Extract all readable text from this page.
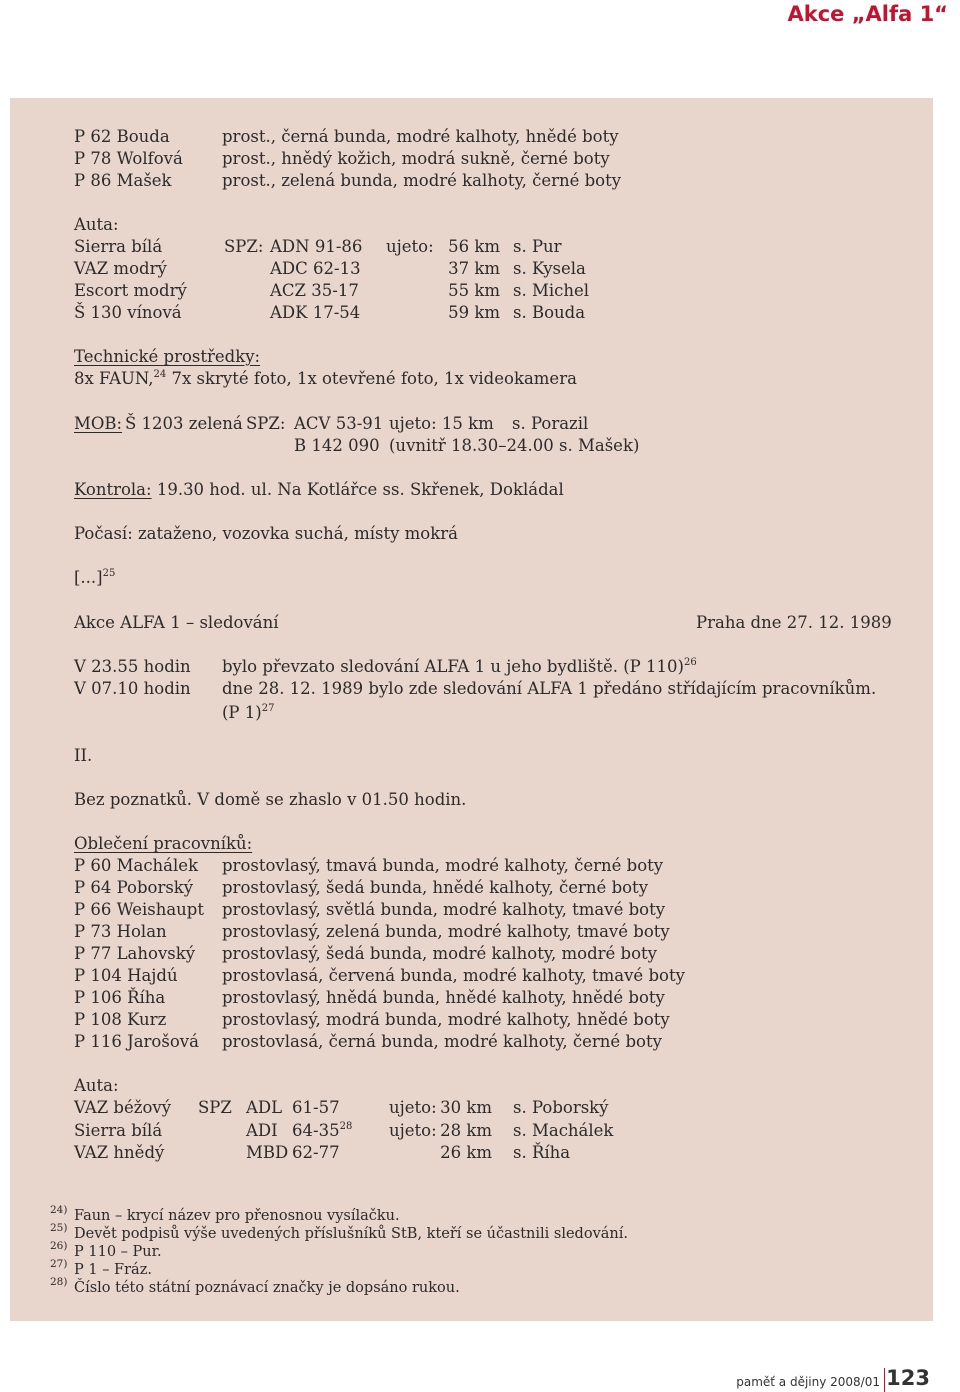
Akce „Alfa 1“
P 62 Bouda	prost., černá bunda, modré kalhoty, hnědé boty
P 78 Wolfová prost., hnědý kožich, modrá sukně, černé boty
P 86 Mašek	prost., zelená bunda, modré kalhoty, černé boty
Auta:
SPZ:	ujeto:
Sierra bílá	ADN 91-86	56 km s. Pur
VAZ modrý	ADC 62-13	37 km s. Kysela
Escort modrý	ACZ 35-17	55 km s. Michel
Š 130 vínová	ADK 17-54	59 km s. Bouda
Technické prostředky:
8x FAUN,$^{24}$ 7x skryté foto, 1x otevřené foto, 1x videokamera
MOB: Š 1203 zelená SPZ: ACV 53-91 ujeto: 15 km s. Porazil
B 142 090 (uvnitř 18.30–24.00 s. Mašek)
Kontrola: 19.30 hod. ul. Na Kotlářce ss. Skřenek, Dokládal
Počasí: zataženo, vozovka suchá, místy mokrá
[...]$^{25}$
Akce ALFA 1 – sledování	Praha dne 27. 12. 1989
V 23.55 hodin bylo převzato sledování ALFA 1 u jeho bydliště. (P 110)$^{26}$
V 07.10 hodin dne 28. 12. 1989 bylo zde sledování ALFA 1 předáno střídajícím pracovníkům.
(P 1)$^{27}$
II.
Bez poznatků. V domě se zhaslo v 01.50 hodin.
Oblečení pracovníků:
P 60 Machálek prostovlasý, tmavá bunda, modré kalhoty, černé boty
P 64 Poborský prostovlasý, šedá bunda, hnědé kalhoty, černé boty
P 66 Weishaupt prostovlasý, světlá bunda, modré kalhoty, tmavé boty
P 73 Holan	prostovlasý, zelená bunda, modré kalhoty, tmavé boty
P 77 Lahovský prostovlasý, šedá bunda, modré kalhoty, modré boty
P 104 Hajdú	prostovlasá, červená bunda, modré kalhoty, tmavé boty
P 106 Říha	prostovlasý, hnědá bunda, hnědé kalhoty, hnědé boty
P 108 Kurz	prostovlasý, modrá bunda, modré kalhoty, hnědé boty
P 116 Jarošová prostovlasá, černá bunda, modré kalhoty, černé boty
Auta:
SPZ
VAZ béžový	ADL 61-57	ujeto: 30 km s. Poborský
Sierra bílá	ADI $64-35^{28}$ ujeto: 28 km s. Machálek
VAZ hnědý	MBD 62-77	26 km s. Říha
24) Faun – krycí název pro přenosnou vysílačku.
25) Devět podpisů výše uvedených příslušníků StB, kteří se účastnili sledování.
26) P 110 – Pur.
27) P 1 – Fráz.
28) Číslo této státní poznávací značky je dopsáno rukou.
paměť a dějiny 2008/01 123
